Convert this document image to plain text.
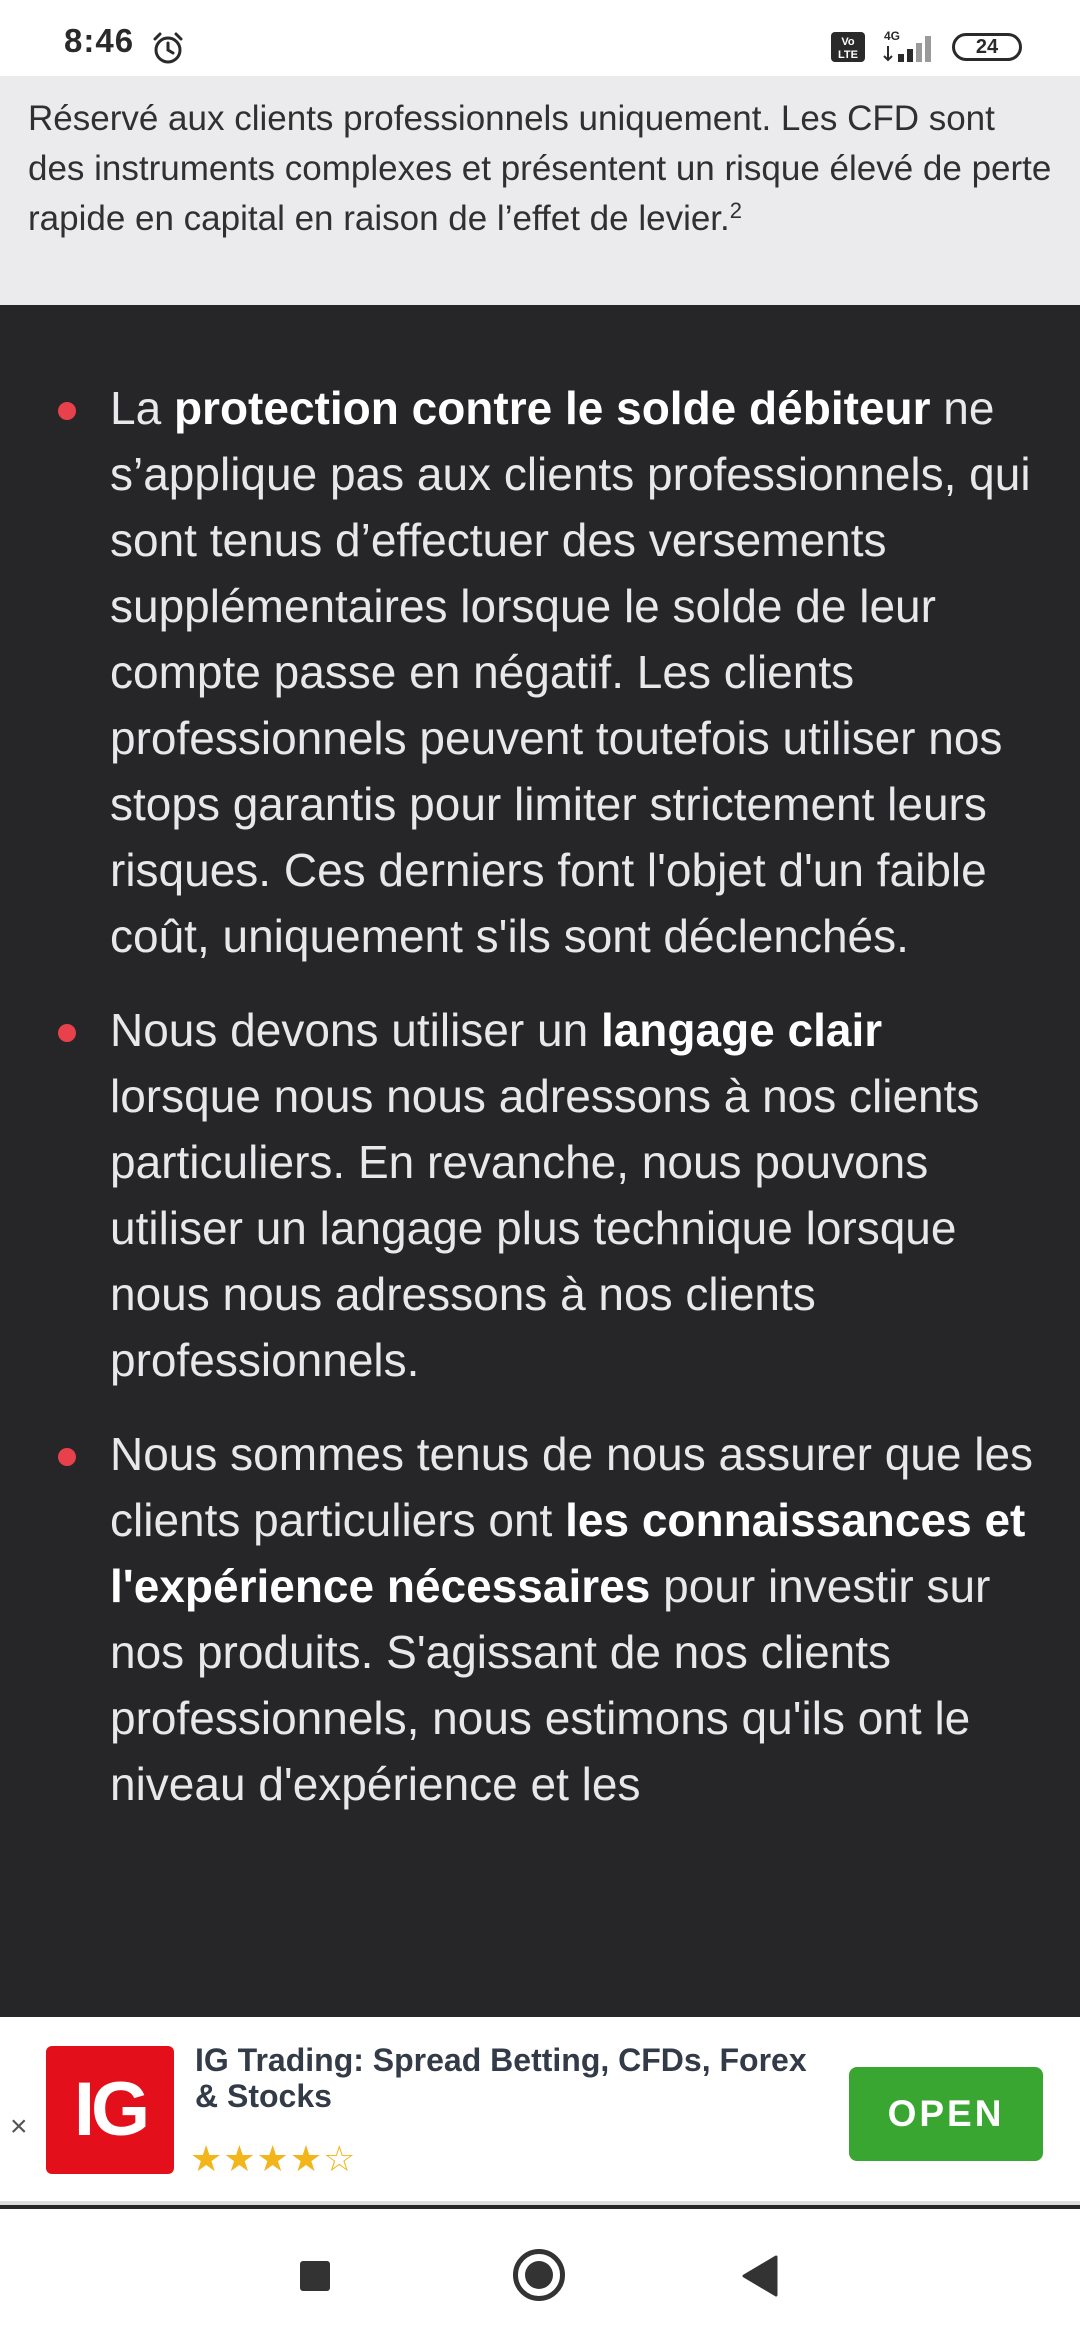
8:46	Vo
LTE
4G	24

Réservé aux clients professionnels uniquement. Les CFD sont des instruments complexes et présentent un risque élevé de perte rapide en capital en raison de l’effet de levier.$^2$

La protection contre le solde débiteur ne s’applique pas aux clients professionnels, qui sont tenus d’effectuer des versements supplémentaires lorsque le solde de leur compte passe en négatif. Les clients professionnels peuvent toutefois utiliser nos stops garantis pour limiter strictement leurs risques. Ces derniers font l'objet d'un faible coût, uniquement s'ils sont déclenchés.
Nous devons utiliser un langage clair lorsque nous nous adressons à nos clients particuliers. En revanche, nous pouvons utiliser un langage plus technique lorsque nous nous adressons à nos clients professionnels.
Nous sommes tenus de nous assurer que les clients particuliers ont les connaissances et l'expérience nécessaires pour investir sur nos produits. S'agissant de nos clients professionnels, nous estimons qu'ils ont le niveau d'expérience et les
× IG
IG Trading: Spread Betting, CFDs, Forex & Stocks
★★★★☆
OPEN
